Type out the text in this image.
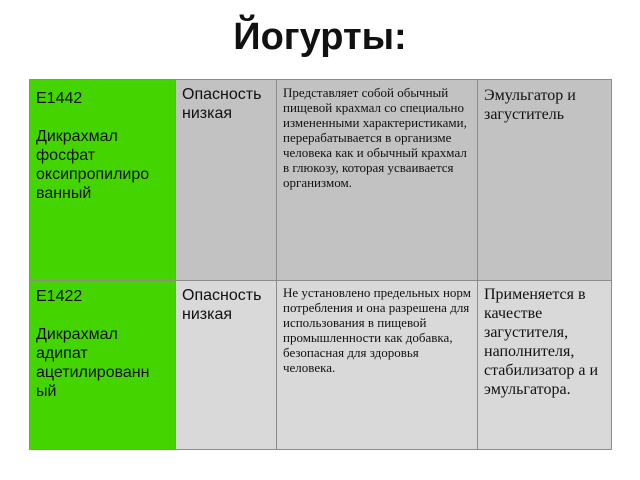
Йогурты:
E1442

Дикрахмал фосфат оксипропилиро ванный
Опасность низкая
Представляет собой обычный пищевой крахмал со специально измененными характеристиками, перерабатывается в организме человека как и обычный крахмал в глюкозу, которая усваивается организмом.
Эмульгатор и загуститель
E1422

Дикрахмал адипат ацетилированн ый
Опасность низкая
Не установлено предельных норм потребления и она разрешена для использования в пищевой промышленности как добавка, безопасная для здоровья человека.
Применяется в качестве загустителя, наполнителя, стабилизатор а и эмульгатора.
